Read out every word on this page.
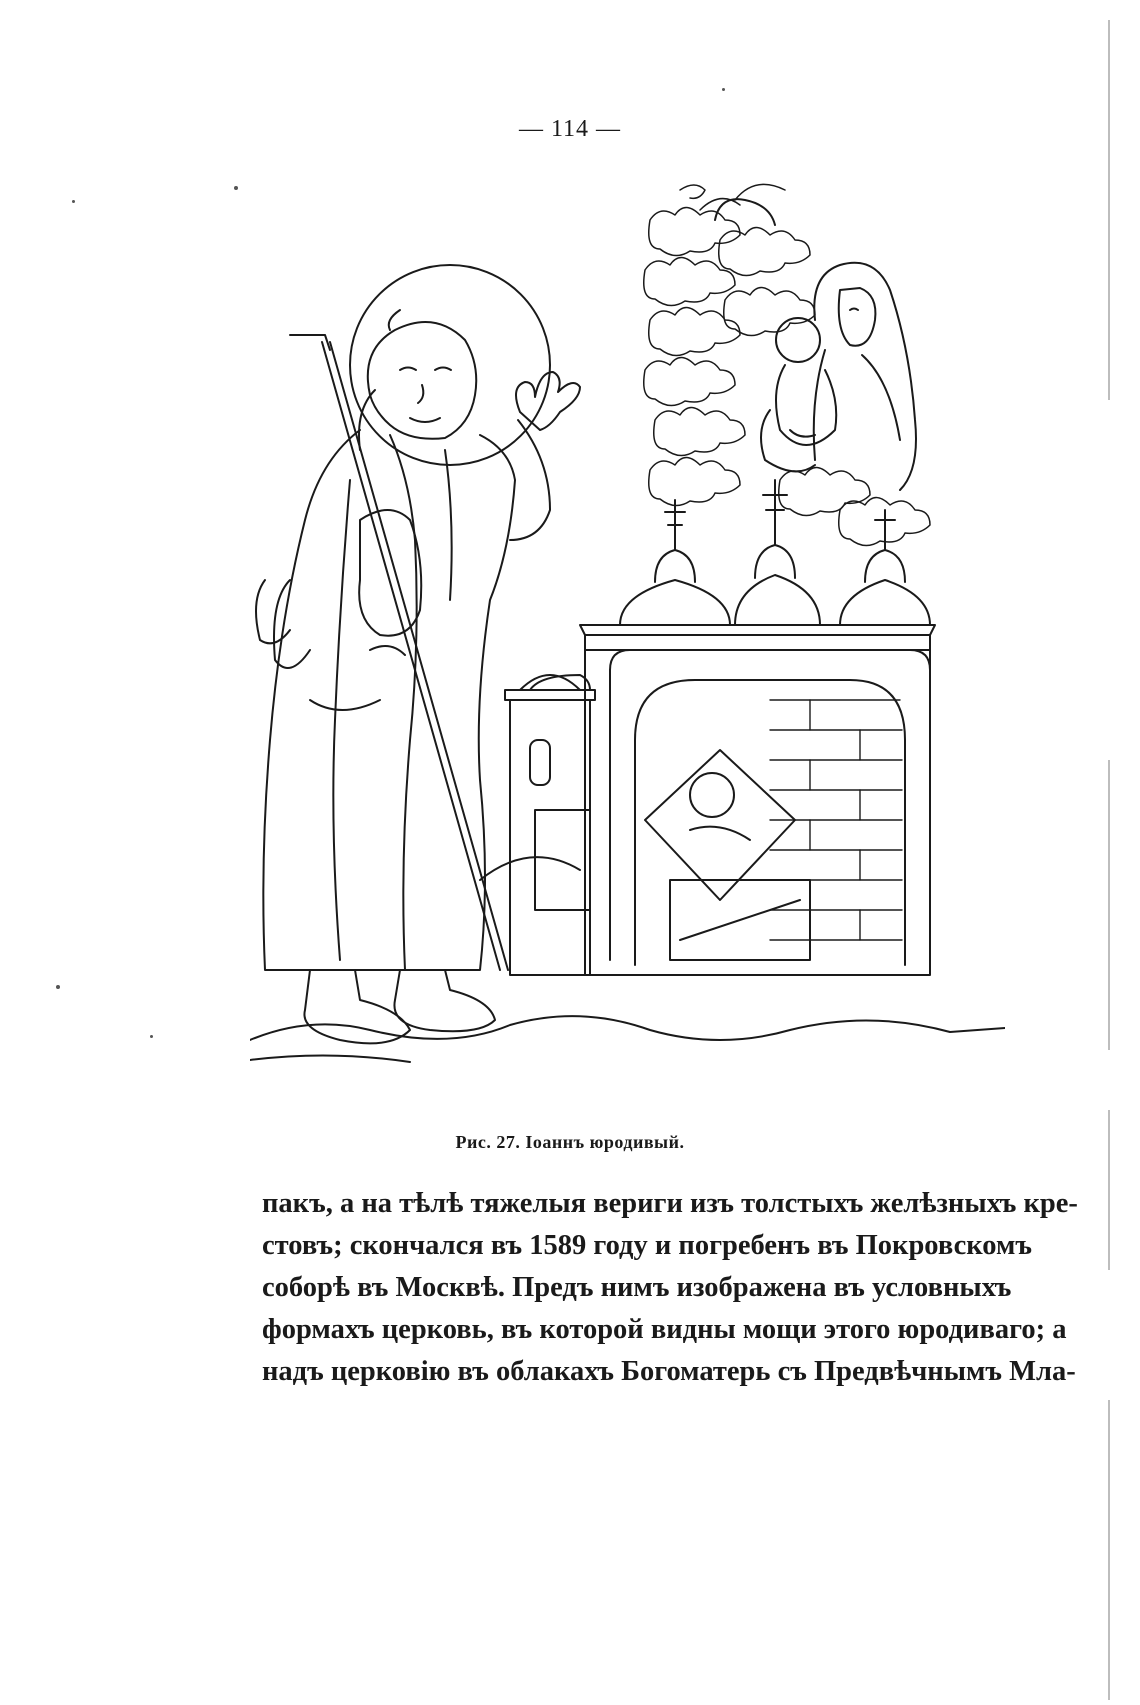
— 114 —
Рис. 27. Іоаннъ юродивый.
пакъ, а на тѣлѣ тяжелыя вериги изъ толстыхъ желѣзныхъ кре-
стовъ; скончался въ 1589 году и погребенъ въ Покровскомъ
соборѣ въ Москвѣ. Предъ нимъ изображена въ условныхъ
формахъ церковь, въ которой видны мощи этого юродиваго; а
надъ церковію въ облакахъ Богоматерь съ Предвѣчнымъ Мла-
